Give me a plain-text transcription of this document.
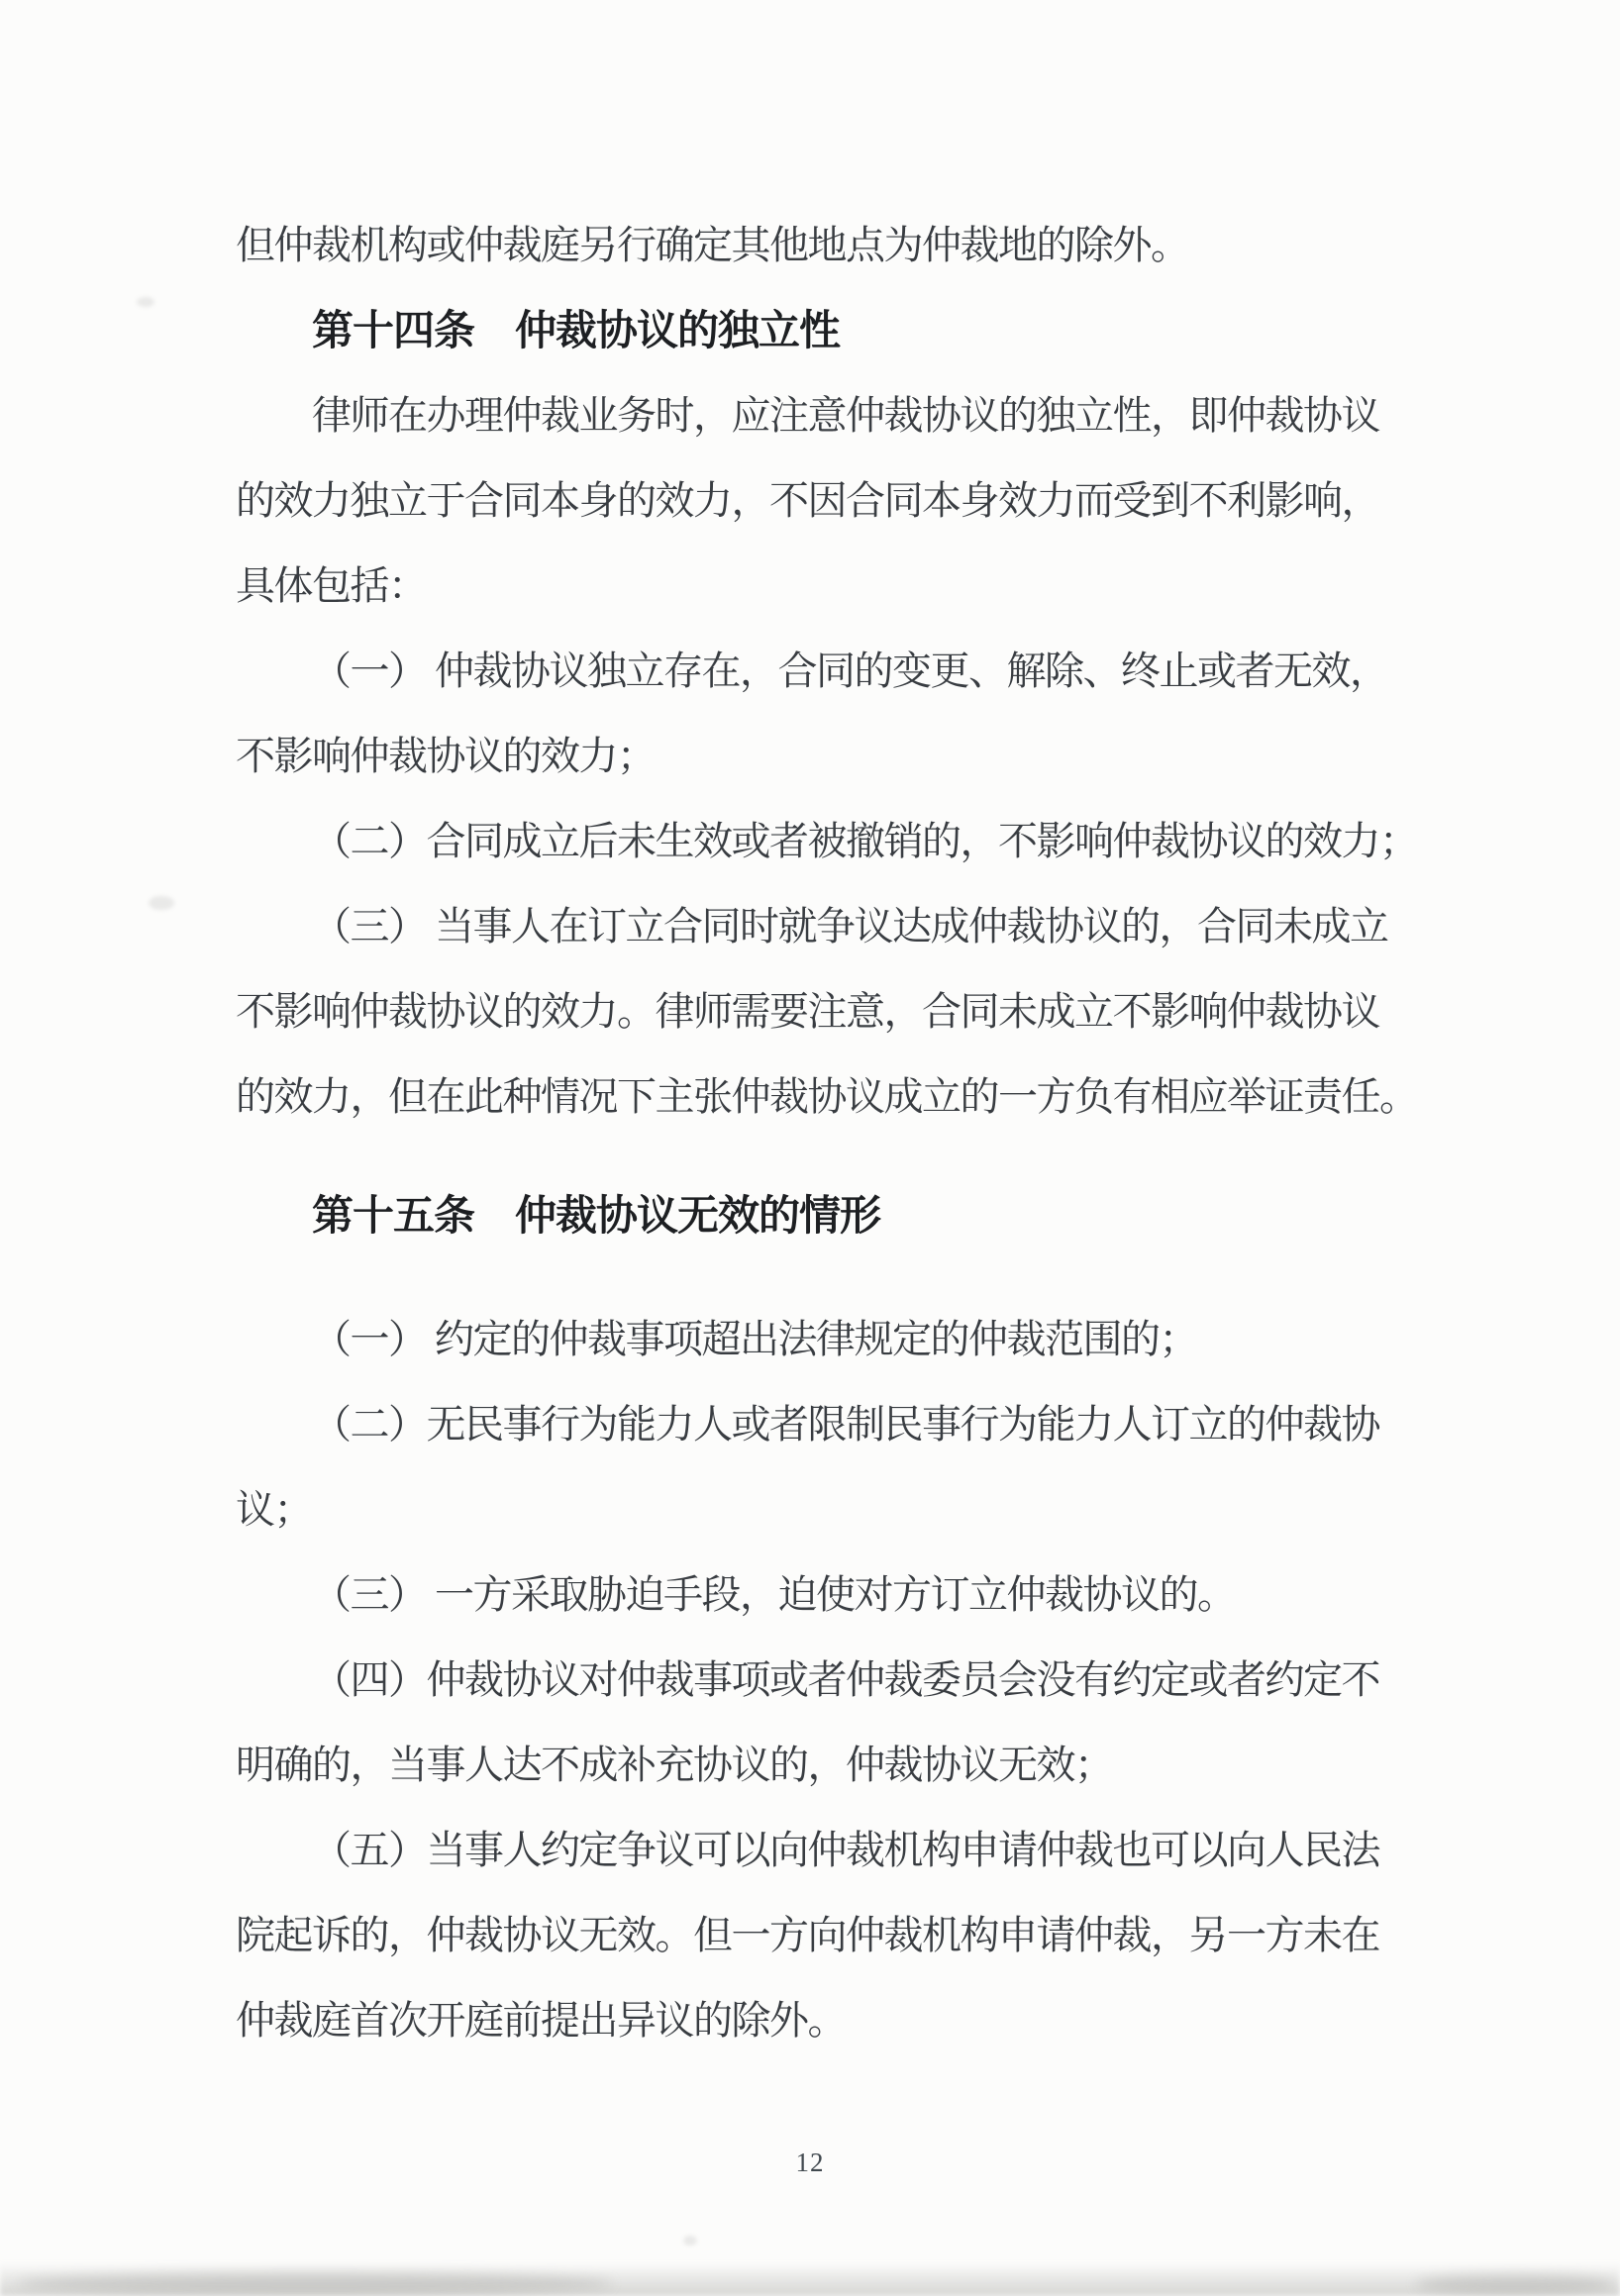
但仲裁机构或仲裁庭另行确定其他地点为仲裁地的除外。
第十四条　仲裁协议的独立性
律师在办理仲裁业务时，应注意仲裁协议的独立性，即仲裁协议
的效力独立于合同本身的效力，不因合同本身效力而受到不利影响，
具体包括：
（一） 仲裁协议独立存在，合同的变更、解除、终止或者无效，
不影响仲裁协议的效力；
（二）合同成立后未生效或者被撤销的，不影响仲裁协议的效力；
（三） 当事人在订立合同时就争议达成仲裁协议的，合同未成立
不影响仲裁协议的效力。律师需要注意，合同未成立不影响仲裁协议
的效力，但在此种情况下主张仲裁协议成立的一方负有相应举证责任。
第十五条　仲裁协议无效的情形
（一） 约定的仲裁事项超出法律规定的仲裁范围的；
（二）无民事行为能力人或者限制民事行为能力人订立的仲裁协
议；
（三） 一方采取胁迫手段，迫使对方订立仲裁协议的。
（四）仲裁协议对仲裁事项或者仲裁委员会没有约定或者约定不
明确的，当事人达不成补充协议的，仲裁协议无效；
（五）当事人约定争议可以向仲裁机构申请仲裁也可以向人民法
院起诉的，仲裁协议无效。但一方向仲裁机构申请仲裁，另一方未在
仲裁庭首次开庭前提出异议的除外。
12
